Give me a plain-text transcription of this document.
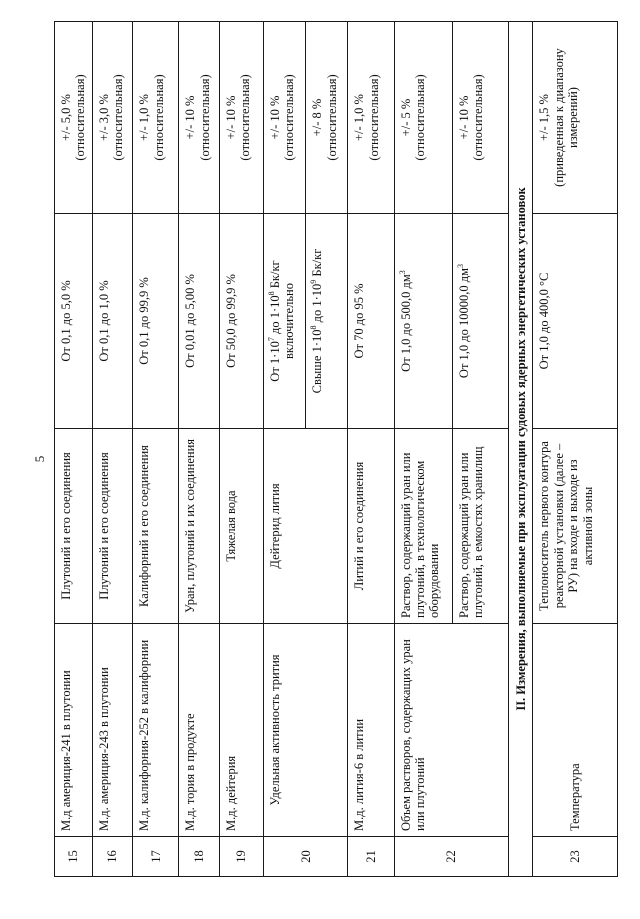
5
15	М.д америция-241 в плутонии	Плутоний и его соединения	От 0,1 до 5,0 %	+/- 5,0 %
(относительная)
16	М.д. америция-243 в плутонии	Плутоний и его соединения	От 0,1 до 1,0 %	+/- 3,0 %
(относительная)
17	М.д. калифорния-252 в калифорнии	Калифорний и его соединения	От 0,1 до 99,9 %	+/- 1,0 %
(относительная)
18	М.д. тория в продукте	Уран, плутоний и их соединения	От 0,01 до 5,00 %	+/- 10 %
(относительная)
19	М.д. дейтерия	Тяжелая вода	От 50,0 до 99,9 %	+/- 10 %
(относительная)
20	Удельная активность трития	Дейтерид лития	От $1\cdot 10^7$ до $1\cdot 10^8$ Бк/кг
включительно	+/- 10 %
(относительная)
			Свыше $1\cdot 10^8$ до $1\cdot 10^9$ Бк/кг	+/- 8 %
(относительная)
21	М.д. лития-6 в литии	Литий и его соединения	От 70 до 95 %	+/- 1,0 %
(относительная)
22	Объем растворов, содержащих уран или плутоний	Раствор, содержащий уран или плутоний, в технологическом оборудовании	От 1,0 до 500,0 $дм^3$	+/- 5 %
(относительная)
		Раствор, содержащий уран или плутоний, в емкостях хранилищ	От 1,0 до 10000,0 $дм^3$	+/- 10 %
(относительная)
II. Измерения, выполняемые при эксплуатации судовых ядерных энергетических установок				
23	Температура	Теплоноситель первого контура реакторной установки (далее – РУ) на входе и выходе из активной зоны	От 1,0 до 400,0 °С	+/- 1,5 %
(приведенная к диапазону измерений)
